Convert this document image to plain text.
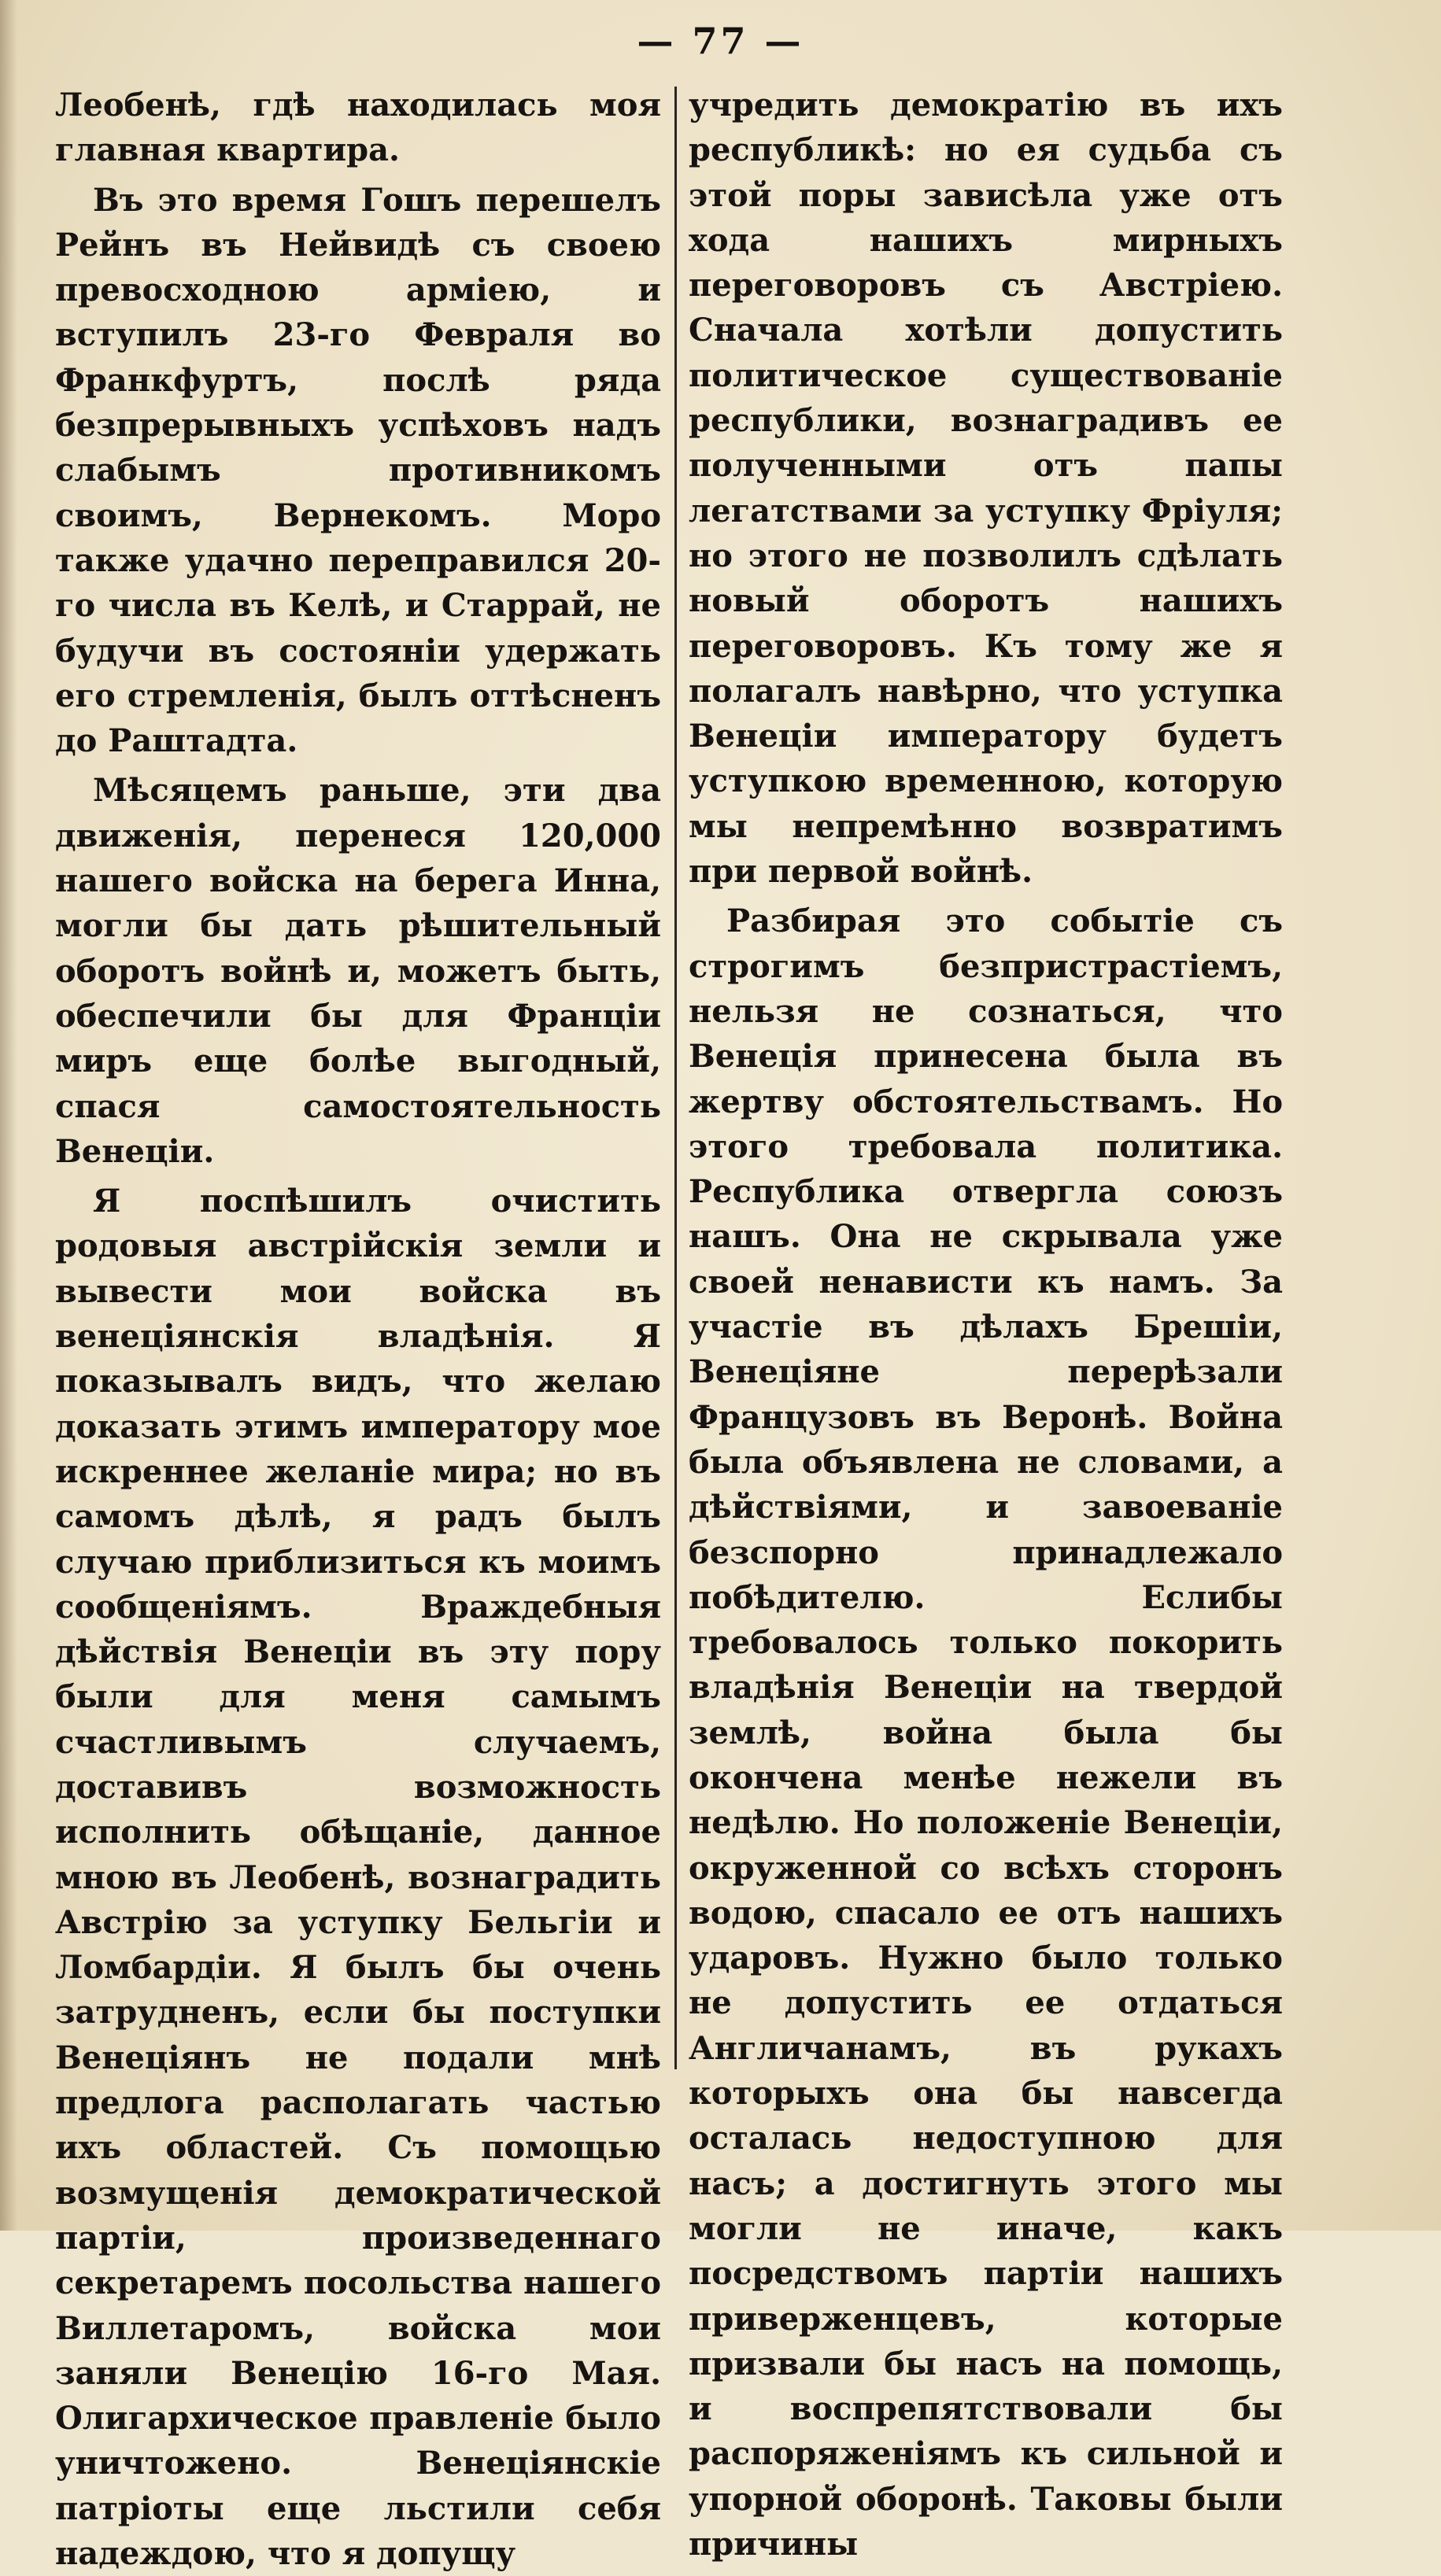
— 77 —

Леобенѣ, гдѣ находилась моя главная квартира.

Въ это время Гошъ перешелъ Рейнъ въ Нейвидѣ съ своею превосходною арміею, и вступилъ 23-го Февраля во Франкфуртъ, послѣ ряда безпрерывныхъ успѣховъ надъ слабымъ противникомъ своимъ, Вернекомъ. Моро также удачно переправился 20-го числа въ Келѣ, и Старрай, не будучи въ состояніи удержать его стремленія, былъ оттѣсненъ до Раштадта.

Мѣсяцемъ раньше, эти два движенія, перенеся 120,000 нашего войска на берега Инна, могли бы дать рѣшительный оборотъ войнѣ и, можетъ быть, обеспечили бы для Франціи миръ еще болѣе выгодный, спася самостоятельность Венеціи.

Я поспѣшилъ очистить родовыя австрійскія земли и вывести мои войска въ венеціянскія владѣнія. Я показывалъ видъ, что желаю доказать этимъ императору мое искреннее желаніе мира; но въ самомъ дѣлѣ, я радъ былъ случаю приблизиться къ моимъ сообщеніямъ. Враждебныя дѣйствія Венеціи въ эту пору были для меня самымъ счастливымъ случаемъ, доставивъ возможность исполнить обѣщаніе, данное мною въ Леобенѣ, вознаградить Австрію за уступку Бельгіи и Ломбардіи. Я былъ бы очень затрудненъ, если бы поступки Венеціянъ не подали мнѣ предлога располагать частью ихъ областей. Съ помощью возмущенія демократической партіи, произведеннаго секретаремъ посольства нашего Виллетаромъ, войска мои заняли Венецію 16-го Мая. Олигархическое правленіе было уничтожено. Венеціянскіе патріоты еще льстили себя надеждою, что я допущу

учредить демократію въ ихъ республикѣ: но ея судьба съ этой поры зависѣла уже отъ хода нашихъ мирныхъ переговоровъ съ Австріею. Сначала хотѣли допустить политическое существованіе республики, вознаградивъ ее полученными отъ папы легатствами за уступку Фріуля; но этого не позволилъ сдѣлать новый оборотъ нашихъ переговоровъ. Къ тому же я полагалъ навѣрно, что уступка Венеціи императору будетъ уступкою временною, которую мы непремѣнно возвратимъ при первой войнѣ.

Разбирая это событіе съ строгимъ безпристрастіемъ, нельзя не сознаться, что Венеція принесена была въ жертву обстоятельствамъ. Но этого требовала политика. Республика отвергла союзъ нашъ. Она не скрывала уже своей ненависти къ намъ. За участіе въ дѣлахъ Брешіи, Венеціяне перерѣзали Французовъ въ Веронѣ. Война была объявлена не словами, а дѣйствіями, и завоеваніе безспорно принадлежало побѣдителю. Еслибы требовалось только покорить владѣнія Венеціи на твердой землѣ, война была бы окончена менѣе нежели въ недѣлю. Но положеніе Венеціи, окруженной со всѣхъ сторонъ водою, спасало ее отъ нашихъ ударовъ. Нужно было только не допустить ее отдаться Англичанамъ, въ рукахъ которыхъ она бы навсегда осталась недоступною для насъ; а достигнуть этого мы могли не иначе, какъ посредствомъ партіи нашихъ приверженцевъ, которые призвали бы насъ на помощь, и воспрепятствовали бы распоряженіямъ къ сильной и упорной оборонѣ. Таковы были причины
